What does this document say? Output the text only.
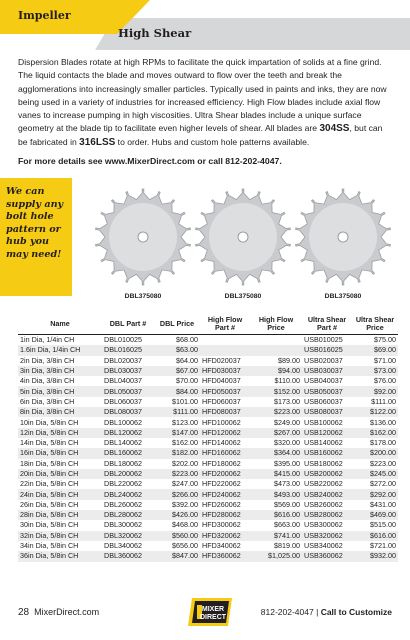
Impeller
High Shear
Dispersion Blades rotate at high RPMs to facilitate the quick impartation of solids at a fine grind. The liquid contacts the blade and moves outward to flow over the teeth and break the agglomerations into increasingly smaller particles. Typically used in paints and inks, they are now being used in a variety of industries for increased efficiency. High Flow blades include axial flow vanes to increase pumping in high viscosities. Ultra Shear blades include a unique surface geometry at the blade tip to facilitate even higher levels of shear. All blades are 304SS, but can be fabricated in 316LSS to order. Hubs and custom hole patterns available.
For more details see www.MixerDirect.com or call 812-202-4047.
We can supply any bolt hole pattern or hub you may need!
DBL375080	DBL375080	DBL375080
Name	DBL Part #	DBL Price	High Flow Part #	High Flow Price	Ultra Shear Part #	Ultra Shear Price
1in Dia, 1/4in CH	DBL010025	$68.00			USB010025	$75.00
1.6in Dia, 1/4in CH	DBL016025	$63.00			USB016025	$69.00
2in Dia, 3/8in CH	DBL020037	$64.00	HFD020037	$89.00	USB020037	$71.00
3in Dia, 3/8in CH	DBL030037	$67.00	HFD030037	$94.00	USB030037	$73.00
4in Dia, 3/8in CH	DBL040037	$70.00	HFD040037	$110.00	USB040037	$76.00
5in Dia, 3/8in CH	DBL050037	$84.00	HFD050037	$152.00	USB050037	$92.00
6in Dia, 3/8in CH	DBL060037	$101.00	HFD060037	$173.00	USB060037	$111.00
8in Dia, 3/8in CH	DBL080037	$111.00	HFD080037	$223.00	USB080037	$122.00
10in Dia, 5/8in CH	DBL100062	$123.00	HFD100062	$249.00	USB100062	$136.00
12in Dia, 5/8in CH	DBL120062	$147.00	HFD120062	$267.00	USB120062	$162.00
14in Dia, 5/8in CH	DBL140062	$162.00	HFD140062	$320.00	USB140062	$178.00
16in Dia, 5/8in CH	DBL160062	$182.00	HFD160062	$364.00	USB160062	$200.00
18in Dia, 5/8in CH	DBL180062	$202.00	HFD180062	$395.00	USB180062	$223.00
20in Dia, 5/8in CH	DBL200062	$223.00	HFD200062	$415.00	USB200062	$245.00
22in Dia, 5/8in CH	DBL220062	$247.00	HFD220062	$473.00	USB220062	$272.00
24in Dia, 5/8in CH	DBL240062	$266.00	HFD240062	$493.00	USB240062	$292.00
26in Dia, 5/8in CH	DBL260062	$392.00	HFD260062	$569.00	USB260062	$431.00
28in Dia, 5/8in CH	DBL280062	$426.00	HFD280062	$616.00	USB280062	$469.00
30in Dia, 5/8in CH	DBL300062	$468.00	HFD300062	$663.00	USB300062	$515.00
32in Dia, 5/8in CH	DBL320062	$560.00	HFD320062	$741.00	USB320062	$616.00
34in Dia, 5/8in CH	DBL340062	$656.00	HFD340062	$819.00	USB340062	$721.00
36in Dia, 5/8in CH	DBL360062	$847.00	HFD360062	$1,025.00	USB360062	$932.00
28 MixerDirect.com	MIXER
DIRECT
812-202-4047 | Call to Customize
